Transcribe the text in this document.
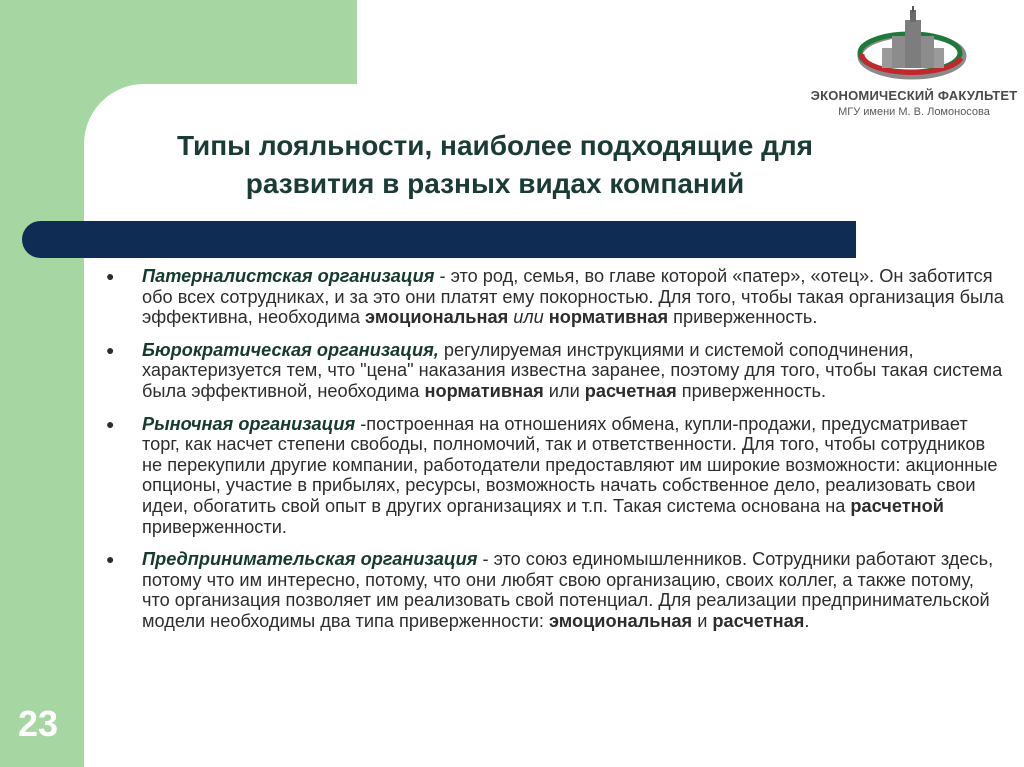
ЭКОНОМИЧЕСКИЙ ФАКУЛЬТЕТ
МГУ имени М. В. Ломоносова
Типы лояльности, наиболее подходящие для развития в разных видах компаний
● Патерналистская организация - это род, семья, во главе которой «патер», «отец». Он заботится обо всех сотрудниках, и за это они платят ему покорностью. Для того, чтобы такая организация была эффективна, необходима эмоциональная или нормативная приверженность.
● Бюрократическая организация, регулируемая инструкциями и системой соподчинения, характеризуется тем, что "цена" наказания известна заранее, поэтому для того, чтобы такая система была эффективной, необходима нормативная или расчетная приверженность.
● Рыночная организация -построенная на отношениях обмена, купли-продажи, предусматривает торг, как насчет степени свободы, полномочий, так и ответственности. Для того, чтобы сотрудников не перекупили другие компании, работодатели предоставляют им широкие возможности: акционные опционы, участие в прибылях, ресурсы, возможность начать собственное дело, реализовать свои идеи, обогатить свой опыт в других организациях и т.п. Такая система основана на расчетной приверженности.
● Предпринимательская организация - это союз единомышленников. Сотрудники работают здесь, потому что им интересно, потому, что они любят свою организацию, своих коллег, а также потому, что организация позволяет им реализовать свой потенциал. Для реализации предпринимательской модели необходимы два типа приверженности: эмоциональная и расчетная.
23
